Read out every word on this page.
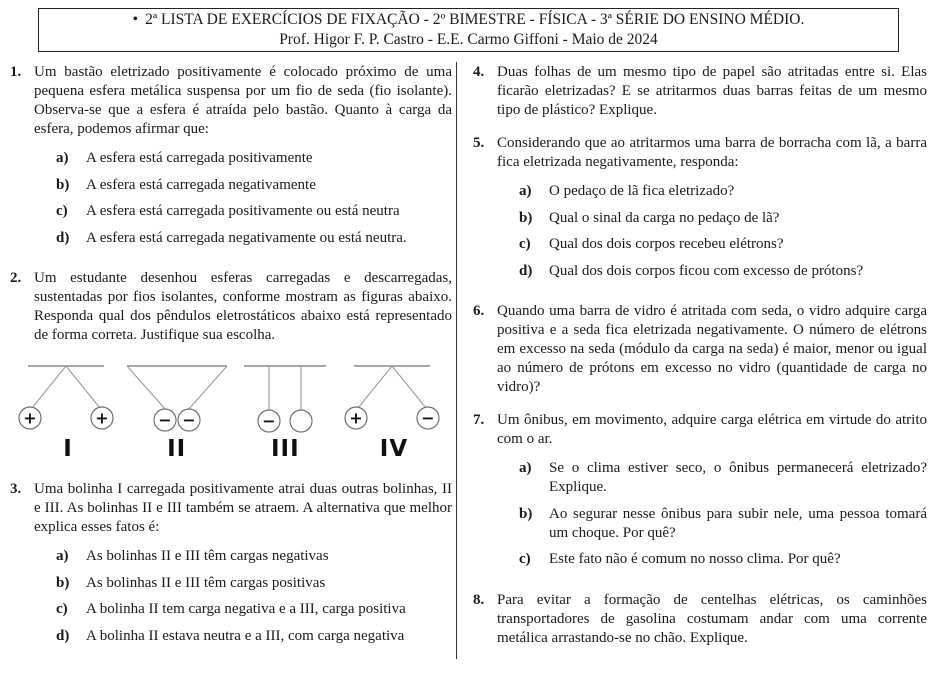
• 2ª LISTA DE EXERCÍCIOS DE FIXAÇÃO - 2º BIMESTRE - FÍSICA - 3ª SÉRIE DO ENSINO MÉDIO.
Prof. Higor F. P. Castro - E.E. Carmo Giffoni - Maio de 2024
1. Um bastão eletrizado positivamente é colocado próximo de uma pequena esfera metálica suspensa por um fio de seda (fio isolante). Observa-se que a esfera é atraída pelo bastão. Quanto à carga da esfera, podemos afirmar que:

a)	A esfera está carregada positivamente
b)	A esfera está carregada negativamente
c)	A esfera está carregada positivamente ou está neutra
d)	A esfera está carregada negativamente ou está neutra.
2. Um estudante desenhou esferas carregadas e descarregadas, sustentadas por fios isolantes, conforme mostram as figuras abaixo. Responda qual dos pêndulos eletrostáticos abaixo está representado de forma correta. Justifique sua escolha.

+	+
I
− −
II
−
III
+	−
IV
3. Uma bolinha I carregada positivamente atrai duas outras bolinhas, II e III. As bolinhas II e III também se atraem. A alternativa que melhor explica esses fatos é:

a)	As bolinhas II e III têm cargas negativas
b)	As bolinhas II e III têm cargas positivas
c)	A bolinha II tem carga negativa e a III, carga positiva
d)	A bolinha II estava neutra e a III, com carga negativa
4. Duas folhas de um mesmo tipo de papel são atritadas entre si. Elas ficarão eletrizadas? E se atritarmos duas barras feitas de um mesmo tipo de plástico? Explique.

5. Considerando que ao atritarmos uma barra de borracha com lã, a barra fica eletrizada negativamente, responda:

a)	O pedaço de lã fica eletrizado?
b)	Qual o sinal da carga no pedaço de lã?
c)	Qual dos dois corpos recebeu elétrons?
d)	Qual dos dois corpos ficou com excesso de prótons?
6. Quando uma barra de vidro é atritada com seda, o vidro adquire carga positiva e a seda fica eletrizada negativamente. O número de elétrons em excesso na seda (módulo da carga na seda) é maior, menor ou igual ao número de prótons em excesso no vidro (quantidade de carga no vidro)?

7. Um ônibus, em movimento, adquire carga elétrica em virtude do atrito com o ar.

a)	Se o clima estiver seco, o ônibus permanecerá eletrizado? Explique.
b)	Ao segurar nesse ônibus para subir nele, uma pessoa tomará um choque. Por quê?
c)	Este fato não é comum no nosso clima. Por quê?
8. Para evitar a formação de centelhas elétricas, os caminhões transportadores de gasolina costumam andar com uma corrente metálica arrastando-se no chão. Explique.
